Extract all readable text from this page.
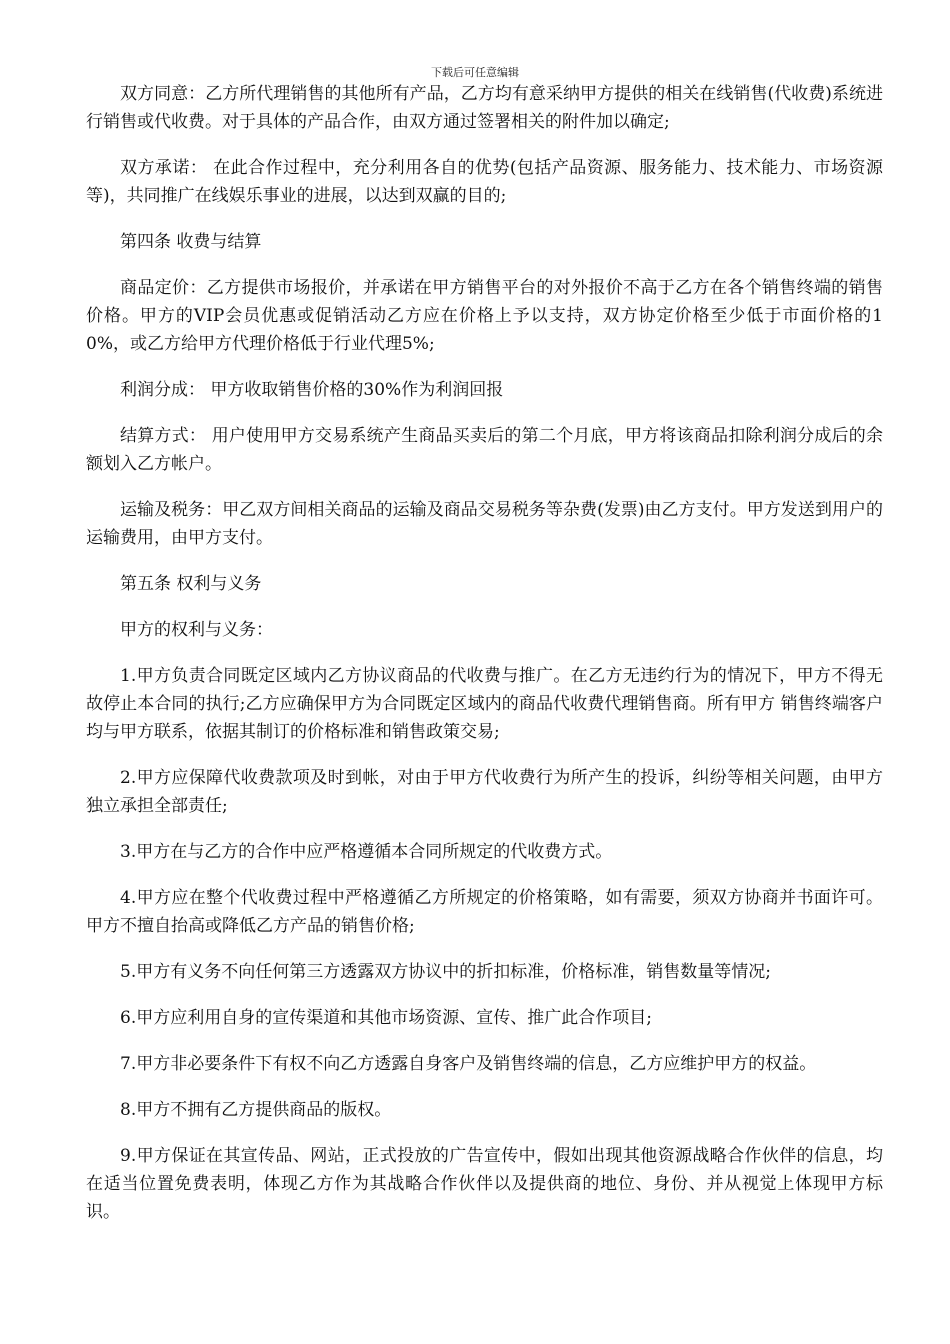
下载后可任意编辑

双方同意：乙方所代理销售的其他所有产品，乙方均有意采纳甲方提供的相关在线销售(代收费)系统进行销售或代收费。对于具体的产品合作，由双方通过签署相关的附件加以确定;

双方承诺： 在此合作过程中，充分利用各自的优势(包括产品资源、服务能力、技术能力、市场资源等)，共同推广在线娱乐事业的进展，以达到双赢的目的;

第四条 收费与结算

商品定价：乙方提供市场报价，并承诺在甲方销售平台的对外报价不高于乙方在各个销售终端的销售价格。甲方的VIP会员优惠或促销活动乙方应在价格上予以支持，双方协定价格至少低于市面价格的10%，或乙方给甲方代理价格低于行业代理5%;

利润分成： 甲方收取销售价格的30%作为利润回报

结算方式： 用户使用甲方交易系统产生商品买卖后的第二个月底，甲方将该商品扣除利润分成后的余额划入乙方帐户。

运输及税务：甲乙双方间相关商品的运输及商品交易税务等杂费(发票)由乙方支付。甲方发送到用户的运输费用，由甲方支付。

第五条 权利与义务

甲方的权利与义务：

1.甲方负责合同既定区域内乙方协议商品的代收费与推广。在乙方无违约行为的情况下，甲方不得无故停止本合同的执行;乙方应确保甲方为合同既定区域内的商品代收费代理销售商。所有甲方 销售终端客户均与甲方联系，依据其制订的价格标准和销售政策交易;

2.甲方应保障代收费款项及时到帐，对由于甲方代收费行为所产生的投诉，纠纷等相关问题，由甲方独立承担全部责任;

3.甲方在与乙方的合作中应严格遵循本合同所规定的代收费方式。

4.甲方应在整个代收费过程中严格遵循乙方所规定的价格策略，如有需要，须双方协商并书面许可。甲方不擅自抬高或降低乙方产品的销售价格;

5.甲方有义务不向任何第三方透露双方协议中的折扣标准，价格标准，销售数量等情况;

6.甲方应利用自身的宣传渠道和其他市场资源、宣传、推广此合作项目;

7.甲方非必要条件下有权不向乙方透露自身客户及销售终端的信息，乙方应维护甲方的权益。

8.甲方不拥有乙方提供商品的版权。

9.甲方保证在其宣传品、网站，正式投放的广告宣传中，假如出现其他资源战略合作伙伴的信息，均在适当位置免费表明，体现乙方作为其战略合作伙伴以及提供商的地位、身份、并从视觉上体现甲方标识。
